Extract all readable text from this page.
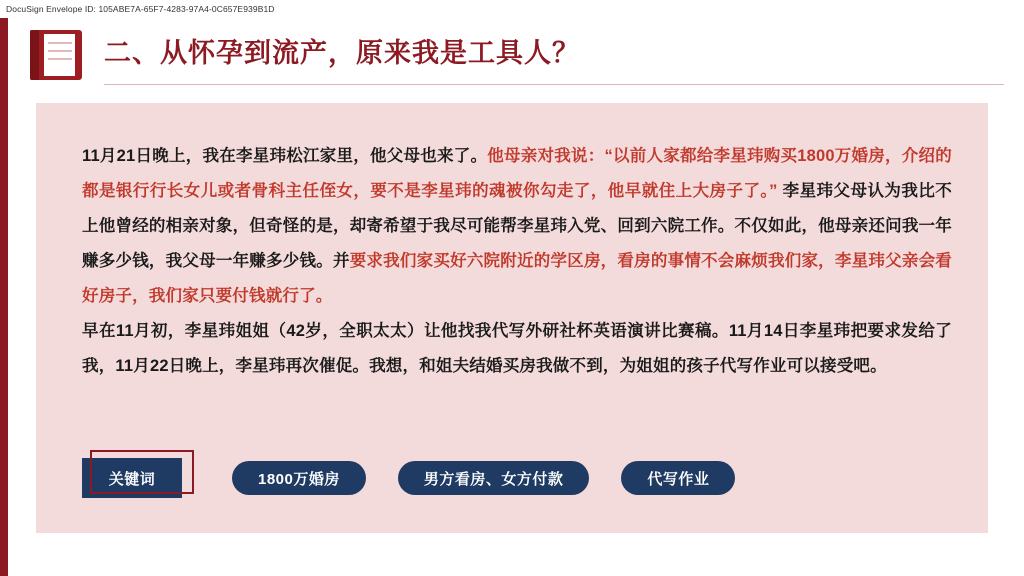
DocuSign Envelope ID: 105ABE7A-65F7-4283-97A4-0C657E939B1D
二、从怀孕到流产，原来我是工具人？

11月21日晚上，我在李星玮松江家里，他父母也来了。他母亲对我说：“以前人家都给李星玮购买1800万婚房，介绍的都是银行行长女儿或者骨科主任侄女，要不是李星玮的魂被你勾走了，他早就住上大房子了。” 李星玮父母认为我比不上他曾经的相亲对象，但奇怪的是，却寄希望于我尽可能帮李星玮入党、回到六院工作。不仅如此，他母亲还问我一年赚多少钱，我父母一年赚多少钱。并要求我们家买好六院附近的学区房，看房的事情不会麻烦我们家，李星玮父亲会看好房子，我们家只要付钱就行了。

早在11月初，李星玮姐姐（42岁，全职太太）让他找我代写外研社杯英语演讲比赛稿。11月14日李星玮把要求发给了我，11月22日晚上，李星玮再次催促。我想，和姐夫结婚买房我做不到，为姐姐的孩子代写作业可以接受吧。

关键词	1800万婚房	男方看房、女方付款	代写作业
